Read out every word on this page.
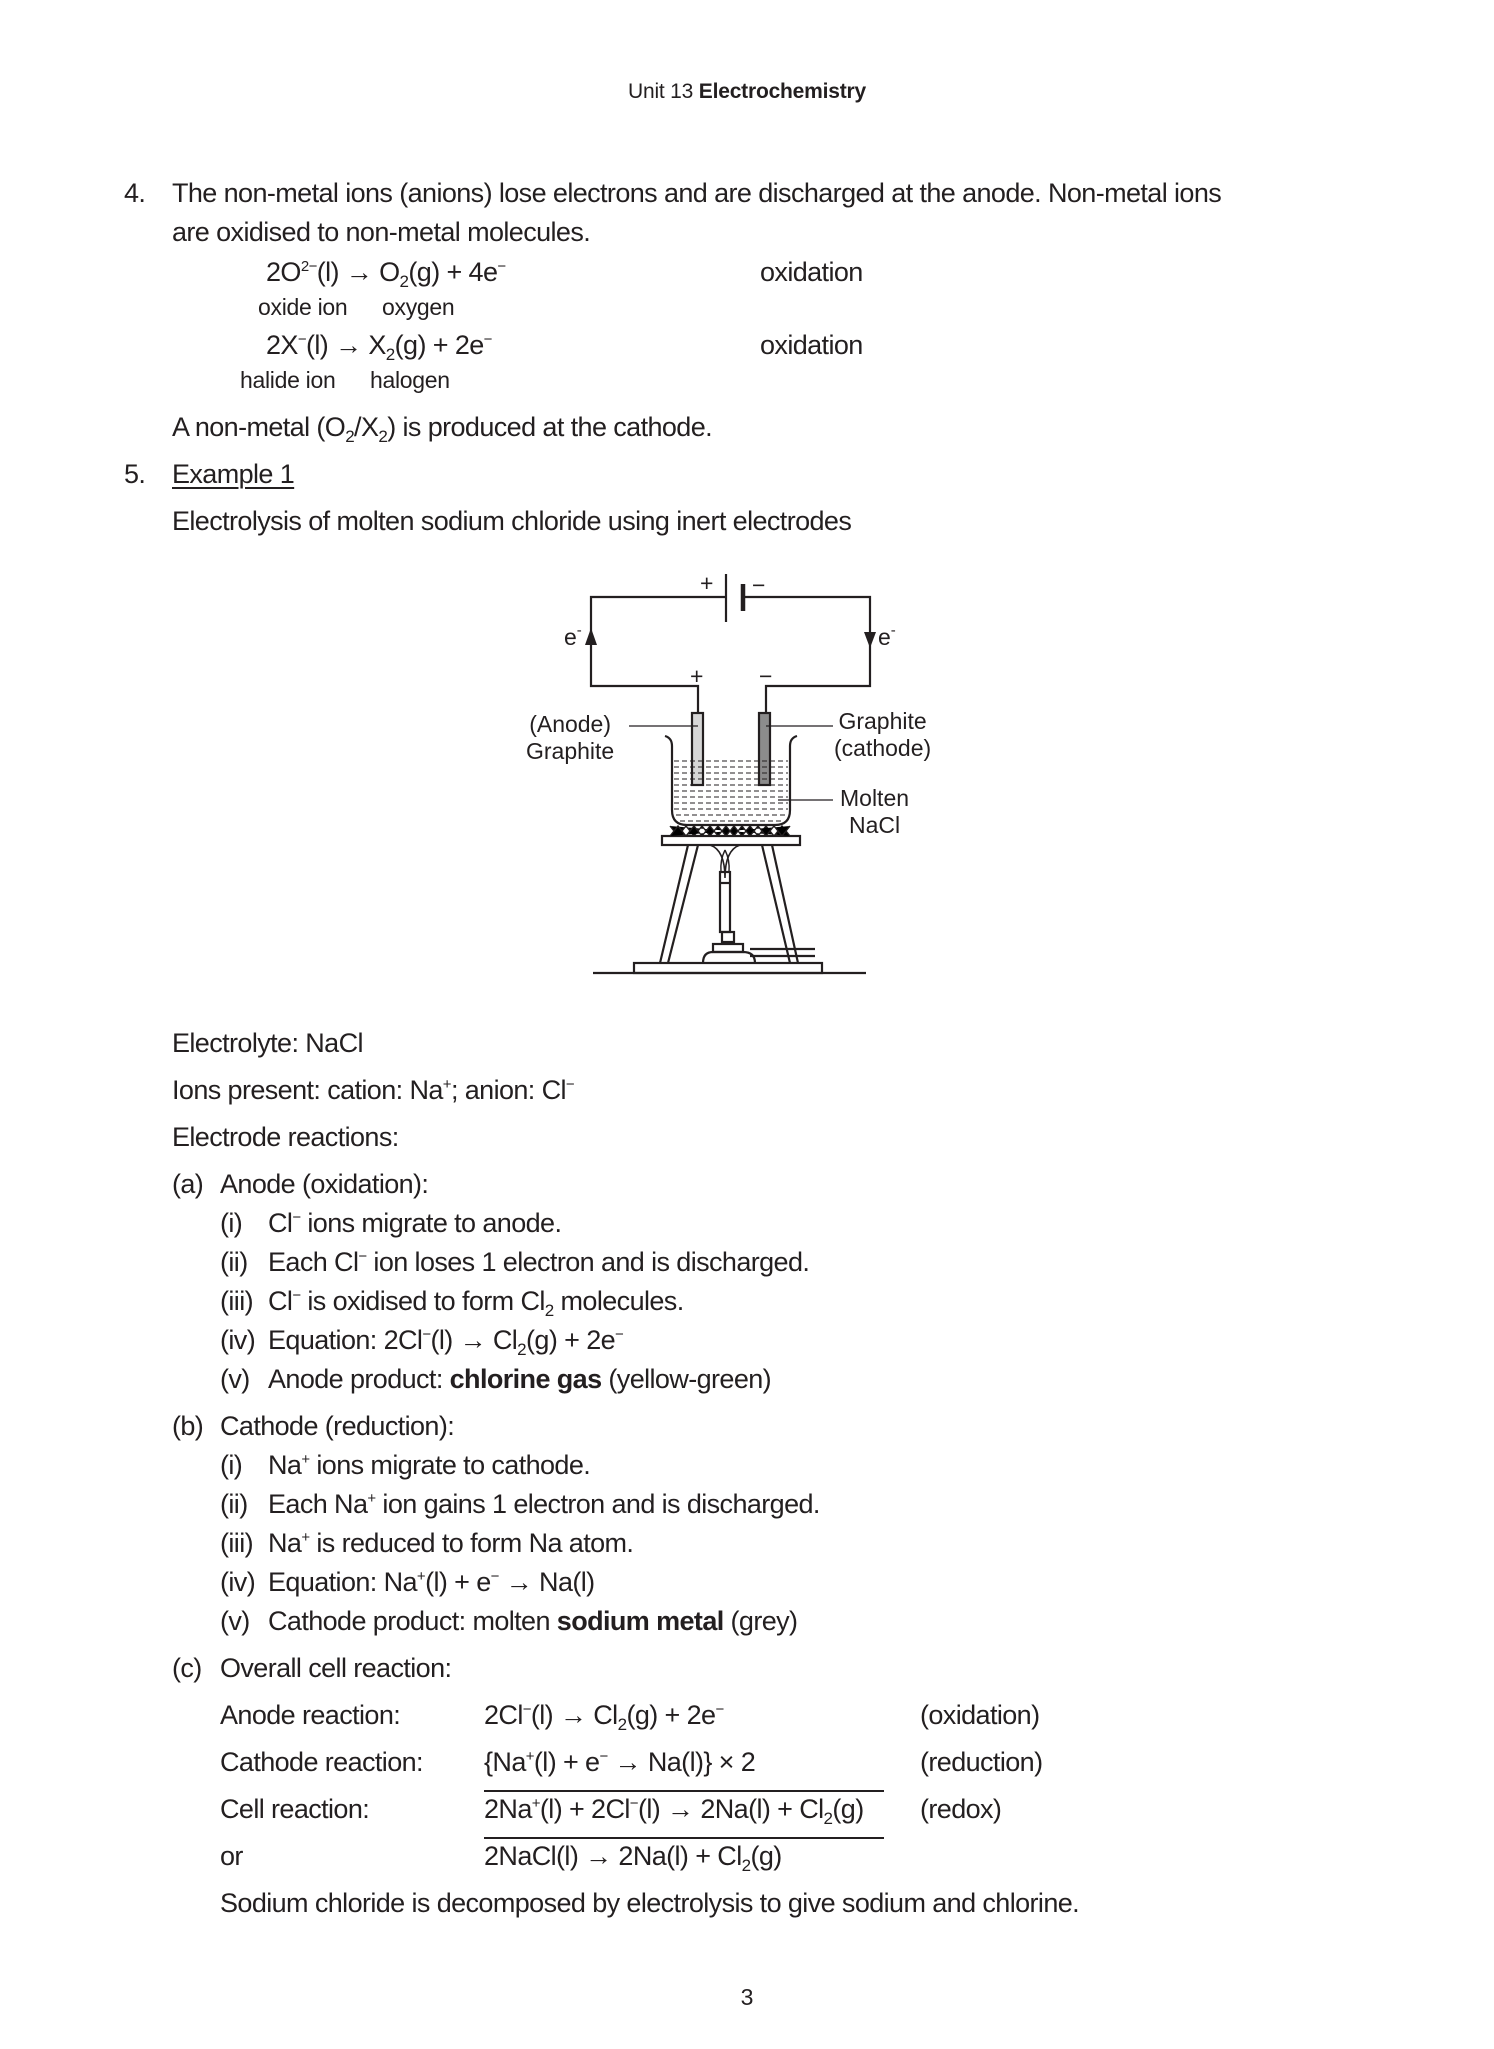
Unit 13 Electrochemistry
4. The non-metal ions (anions) lose electrons and are discharged at the anode. Non-metal ions
are oxidised to non-metal molecules.
$2O^{2-}(l) \to O_2(g) + 4e^-$	oxidation
oxide ion oxygen
$2X^-(l) \to X_2(g) + 2e^-$	oxidation
halide ion halogen
A non-metal $(O_2/X_2)$ is produced at the cathode.
5. Example 1
Electrolysis of molten sodium chloride using inert electrodes
+ −
e-	e-
+ −
(Anode)
Graphite
Graphite
(cathode)
Molten
NaCl
Electrolyte: NaCl
Ions present: cation: Na+; anion: Cl−
Electrode reactions:
(a) Anode (oxidation):
(i) Cl− ions migrate to anode.
(ii) Each Cl− ion loses 1 electron and is discharged.
(iii) Cl− is oxidised to form $Cl_2$ molecules.
(iv) Equation: $2Cl^-(l) \to Cl_2(g) + 2e^-$
(v) Anode product: chlorine gas (yellow-green)
(b) Cathode (reduction):
(i) Na+ ions migrate to cathode.
(ii) Each Na+ ion gains 1 electron and is discharged.
(iii) Na+ is reduced to form Na atom.
(iv) Equation: Na+(l) + e− → Na(l)
(v) Cathode product: molten sodium metal (grey)
(c) Overall cell reaction:
Anode reaction:	$2Cl^-(l) \to Cl_2(g) + 2e^-$	(oxidation)
Cathode reaction: {Na+(l) + e− → Na(l)} × 2	(reduction)
Cell reaction:	$2Na^+(l) + 2Cl^-(l) \to 2Na(l) + Cl_2(g)$ (redox)
or	2NaCl(l) → $2Na(l) + Cl_2(g)$
Sodium chloride is decomposed by electrolysis to give sodium and chlorine.
3
